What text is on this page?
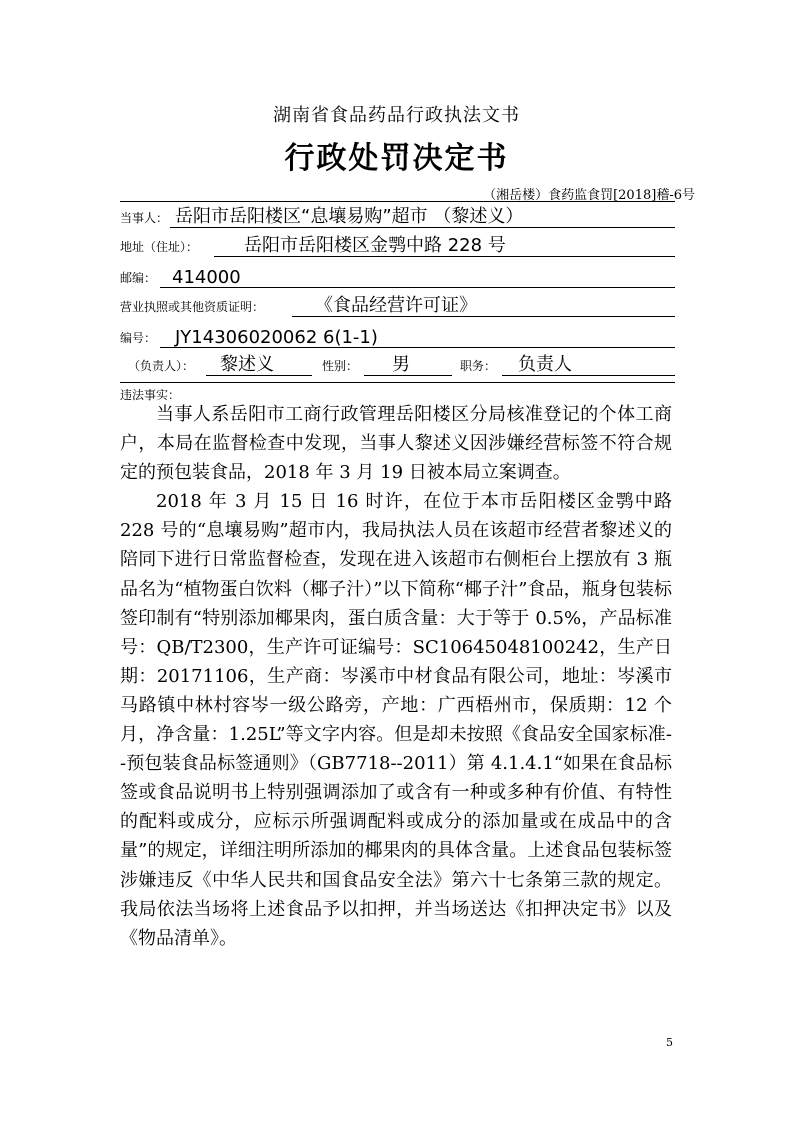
湖南省食品药品行政执法文书
行政处罚决定书
（湘岳楼）食药监食罚[2018]稽-6号
当事人： 岳阳市岳阳楼区“息壤易购”超市 （黎述义）
地址（住址）：	岳阳市岳阳楼区金鹗中路 228 号
邮编： 414000
营业执照或其他资质证明：	《食品经营许可证》
编号： JY14306020062 6(1-1)
（负责人）： 黎述义	性别： 男	职务： 负责人
违法事实：

当事人系岳阳市工商行政管理岳阳楼区分局核准登记的个体工商户，本局在监督检查中发现，当事人黎述义因涉嫌经营标签不符合规定的预包装食品，2018 年 3 月 19 日被本局立案调查。

2018 年 3 月 15 日 16 时许，在位于本市岳阳楼区金鹗中路 228 号的“息壤易购”超市内，我局执法人员在该超市经营者黎述义的陪同下进行日常监督检查，发现在进入该超市右侧柜台上摆放有 3 瓶品名为“植物蛋白饮料（椰子汁）”以下简称“椰子汁”食品，瓶身包装标签印制有“特别添加椰果肉，蛋白质含量：大于等于 0.5%，产品标准号：QB/T2300，生产许可证编号：SC10645048100242，生产日期：20171106，生产商：岑溪市中材食品有限公司，地址：岑溪市马路镇中林村容岑一级公路旁，产地：广西梧州市，保质期：12 个月，净含量：1.25L”等文字内容。但是却未按照《食品安全国家标准--预包装食品标签通则》（GB7718--2011）第 4.1.4.1“如果在食品标签或食品说明书上特别强调添加了或含有一种或多种有价值、有特性的配料或成分，应标示所强调配料或成分的添加量或在成品中的含量”的规定，详细注明所添加的椰果肉的具体含量。上述食品包装标签涉嫌违反《中华人民共和国食品安全法》第六十七条第三款的规定。我局依法当场将上述食品予以扣押，并当场送达《扣押决定书》以及《物品清单》。

5
